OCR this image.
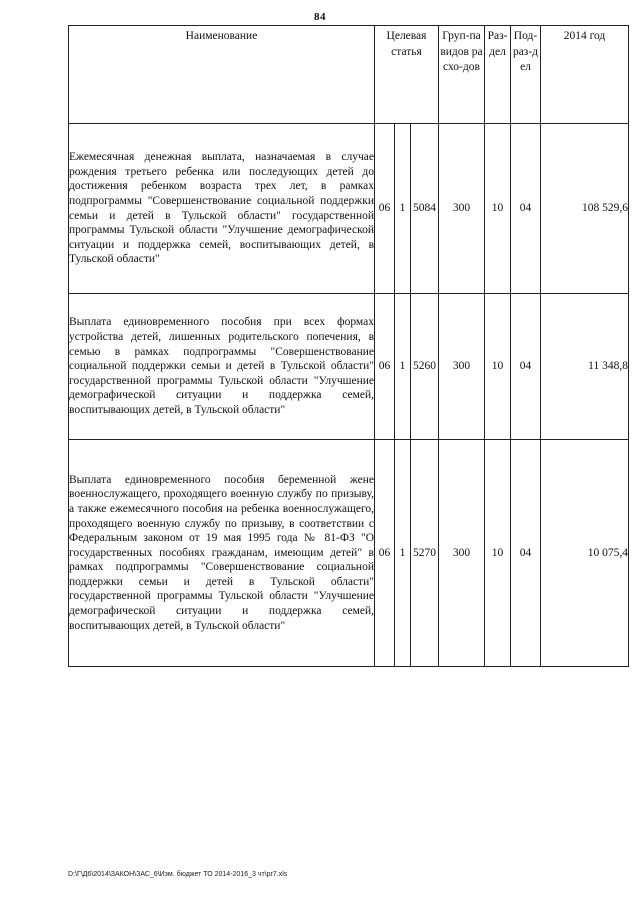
84
Наименование	Целевая статья			Груп-па видов расхо-дов	Раз-дел	Под-раз-дел	2014 год

Ежемесячная денежная выплата, назначаемая в случае рождения третьего ребенка или последующих детей до достижения ребенком возраста трех лет, в рамках подпрограммы "Совершенствование социальной поддержки семьи и детей в Тульской области" государственной программы Тульской области "Улучшение демографической ситуации и поддержка семей, воспитывающих детей, в Тульской области"	06	1	5084	300	10	04	108 529,6

Выплата единовременного пособия при всех формах устройства детей, лишенных родительского попечения, в семью в рамках подпрограммы "Совершенствование социальной поддержки семьи и детей в Тульской области" государственной программы Тульской области "Улучшение демографической ситуации и поддержка семей, воспитывающих детей, в Тульской области"	06	1	5260	300	10	04	11 348,8

Выплата единовременного пособия беременной жене военнослужащего, проходящего военную службу по призыву, а также ежемесячного пособия на ребенка военнослужащего, проходящего военную службу по призыву, в соответствии с Федеральным законом от 19 мая 1995 года № 81-ФЗ "О государственных пособиях гражданам, имеющим детей" в рамках подпрограммы "Совершенствование социальной поддержки семьи и детей в Тульской области" государственной программы Тульской области "Улучшение демографической ситуации и поддержка семей, воспитывающих детей, в Тульской области"	06	1	5270	300	10	04	10 075,4
D:\Г\Д6\2014\ЗАКОН\ЗАС_6\Изм. бюджет ТО 2014-2016_3 чт\pr7.xls
